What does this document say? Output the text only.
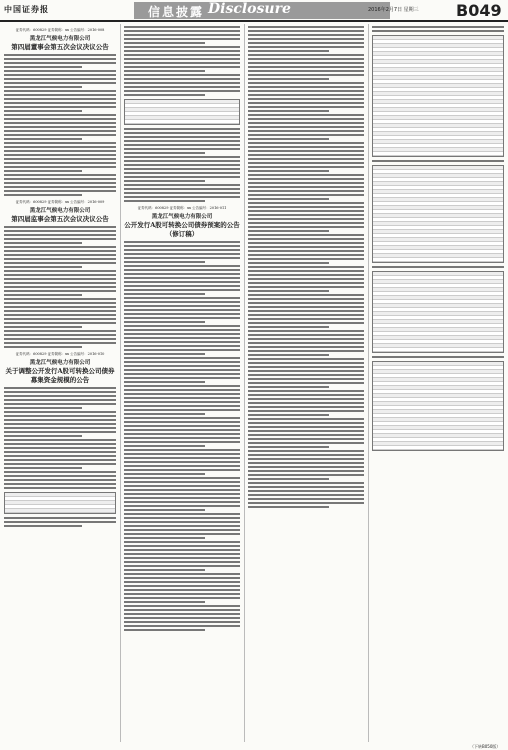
中国证券报	信息披露 Disclosure	2016年2月7日 星期三 B049
证券代码：600829 证券简称：xx 公告编号：2016-008
黑龙江气候电力有限公司
第四届董事会第五次会议决议公告
证券代码：600829 证券简称：xx 公告编号：2016-009
黑龙江气候电力有限公司
第四届监事会第五次会议决议公告
证券代码：600829 证券简称：xx 公告编号：2016-010
黑龙江气候电力有限公司
关于调整公开发行A股可转换公司债券募集资金规模的公告
证券代码：600829 证券简称：xx 公告编号：2016-011
黑龙江气候电力有限公司
公开发行A股可转换公司债券预案的公告（修订稿）
（下转B050版）
